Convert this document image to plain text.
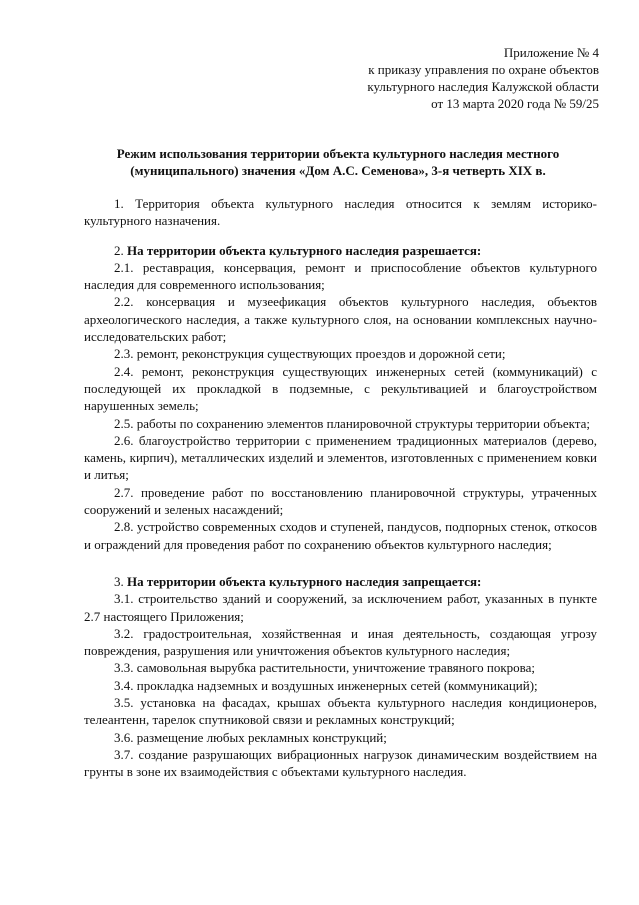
Приложение № 4
к приказу управления по охране объектов
культурного наследия Калужской области
от 13 марта 2020 года № 59/25
Режим использования территории объекта культурного наследия местного
(муниципального) значения «Дом А.С. Семенова», 3-я четверть XIX в.

1. Территория объекта культурного наследия относится к землям историко-культурного назначения.

2. На территории объекта культурного наследия разрешается:

2.1. реставрация, консервация, ремонт и приспособление объектов культурного наследия для современного использования;

2.2. консервация и музеефикация объектов культурного наследия, объектов археологического наследия, а также культурного слоя, на основании комплексных научно-исследовательских работ;

2.3. ремонт, реконструкция существующих проездов и дорожной сети;

2.4. ремонт, реконструкция существующих инженерных сетей (коммуникаций) с последующей их прокладкой в подземные, с рекультивацией и благоустройством нарушенных земель;

2.5. работы по сохранению элементов планировочной структуры территории объекта;

2.6. благоустройство территории с применением традиционных материалов (дерево, камень, кирпич), металлических изделий и элементов, изготовленных с применением ковки и литья;

2.7. проведение работ по восстановлению планировочной структуры, утраченных сооружений и зеленых насаждений;

2.8. устройство современных сходов и ступеней, пандусов, подпорных стенок, откосов и ограждений для проведения работ по сохранению объектов культурного наследия;

3. На территории объекта культурного наследия запрещается:

3.1. строительство зданий и сооружений, за исключением работ, указанных в пункте 2.7 настоящего Приложения;

3.2. градостроительная, хозяйственная и иная деятельность, создающая угрозу повреждения, разрушения или уничтожения объектов культурного наследия;

3.3. самовольная вырубка растительности, уничтожение травяного покрова;

3.4. прокладка надземных и воздушных инженерных сетей (коммуникаций);

3.5. установка на фасадах, крышах объекта культурного наследия кондиционеров, телеантенн, тарелок спутниковой связи и рекламных конструкций;

3.6. размещение любых рекламных конструкций;

3.7. создание разрушающих вибрационных нагрузок динамическим воздействием на грунты в зоне их взаимодействия с объектами культурного наследия.
